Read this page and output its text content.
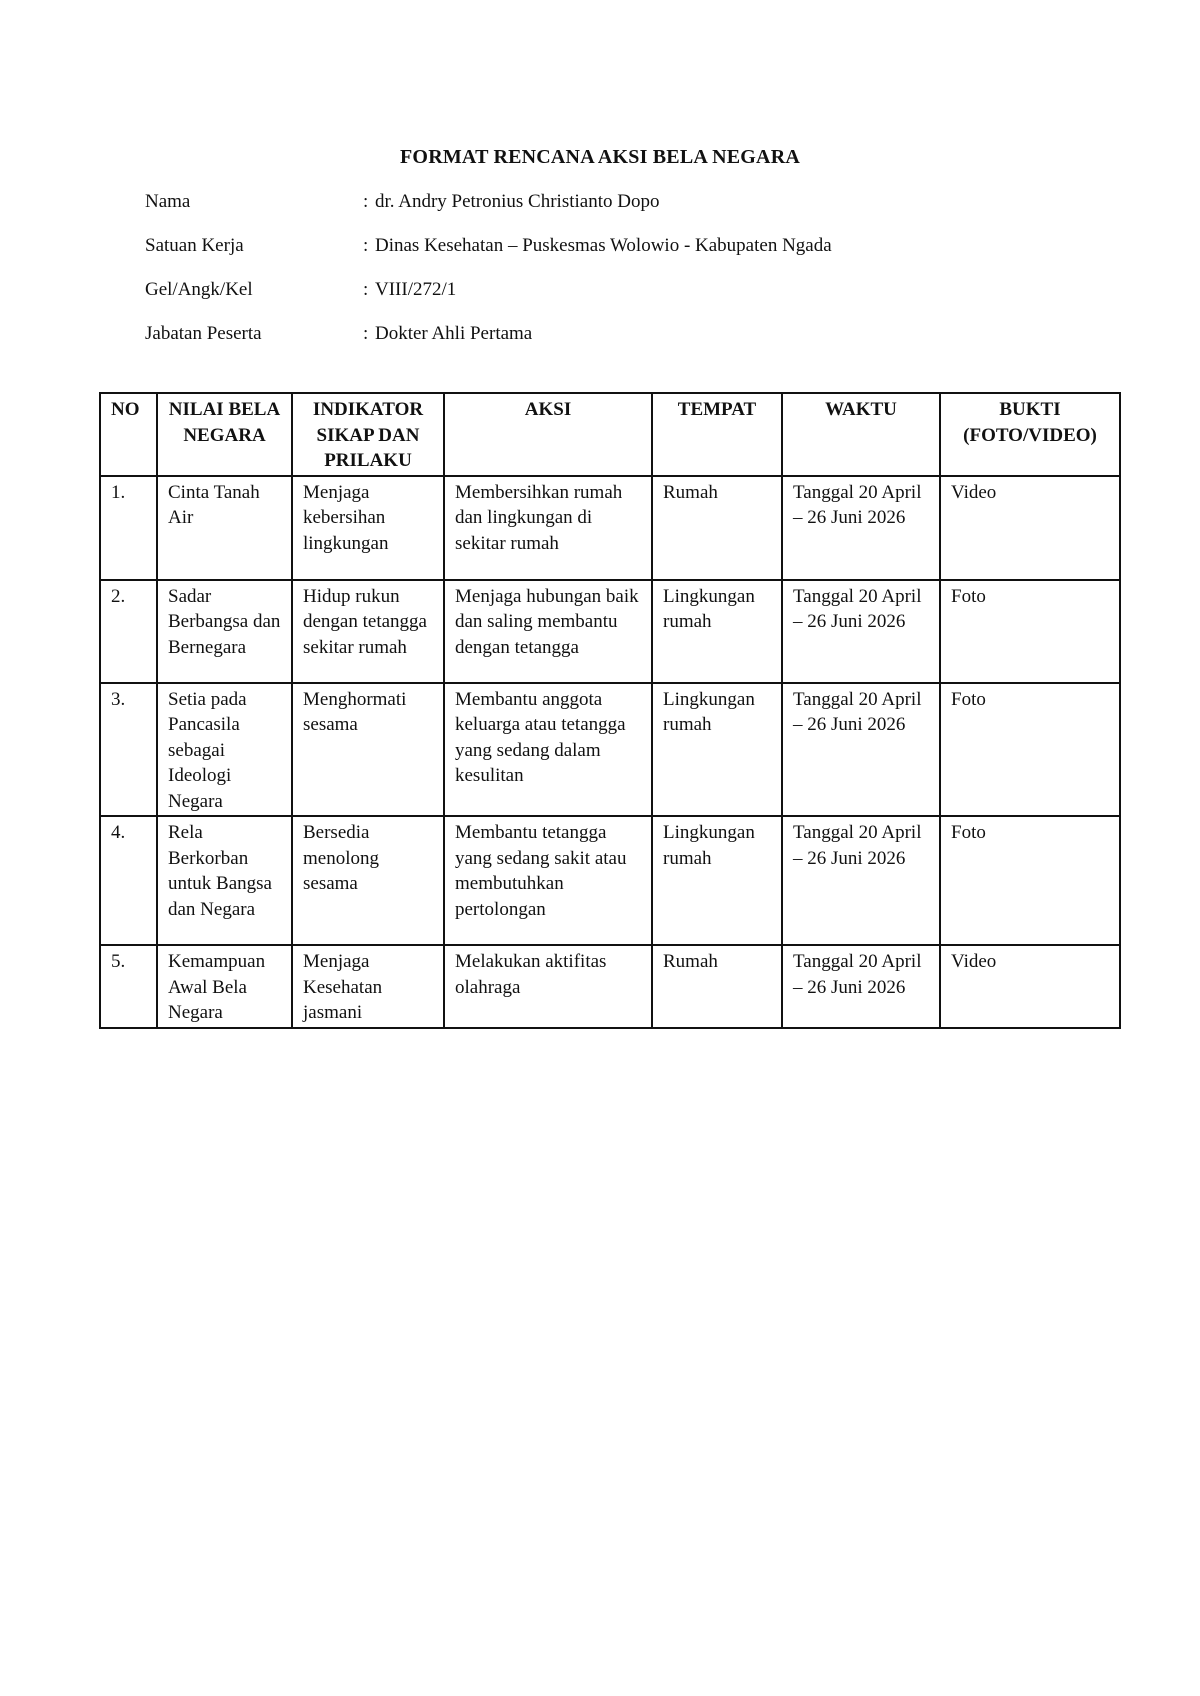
FORMAT RENCANA AKSI BELA NEGARA
Nama	: dr. Andry Petronius Christianto Dopo
Satuan Kerja	: Dinas Kesehatan – Puskesmas Wolowio - Kabupaten Ngada
Gel/Angk/Kel	: VIII/272/1
Jabatan Peserta	: Dokter Ahli Pertama
NO	NILAI BELA NEGARA	INDIKATOR SIKAP DAN PRILAKU	AKSI	TEMPAT	WAKTU	BUKTI (FOTO/VIDEO)
1.	Cinta Tanah Air	Menjaga kebersihan lingkungan	Membersihkan rumah dan lingkungan di sekitar rumah	Rumah	Tanggal 20 April – 26 Juni 2026	Video
2.	Sadar Berbangsa dan Bernegara	Hidup rukun dengan tetangga sekitar rumah	Menjaga hubungan baik dan saling membantu dengan tetangga	Lingkungan rumah	Tanggal 20 April – 26 Juni 2026	Foto
3.	Setia pada Pancasila sebagai Ideologi Negara	Menghormati sesama	Membantu anggota keluarga atau tetangga yang sedang dalam kesulitan	Lingkungan rumah	Tanggal 20 April – 26 Juni 2026	Foto
4.	Rela Berkorban untuk Bangsa dan Negara	Bersedia menolong sesama	Membantu tetangga yang sedang sakit atau membutuhkan pertolongan	Lingkungan rumah	Tanggal 20 April – 26 Juni 2026	Foto
5.	Kemampuan Awal Bela Negara	Menjaga Kesehatan jasmani	Melakukan aktifitas olahraga	Rumah	Tanggal 20 April – 26 Juni 2026	Video
